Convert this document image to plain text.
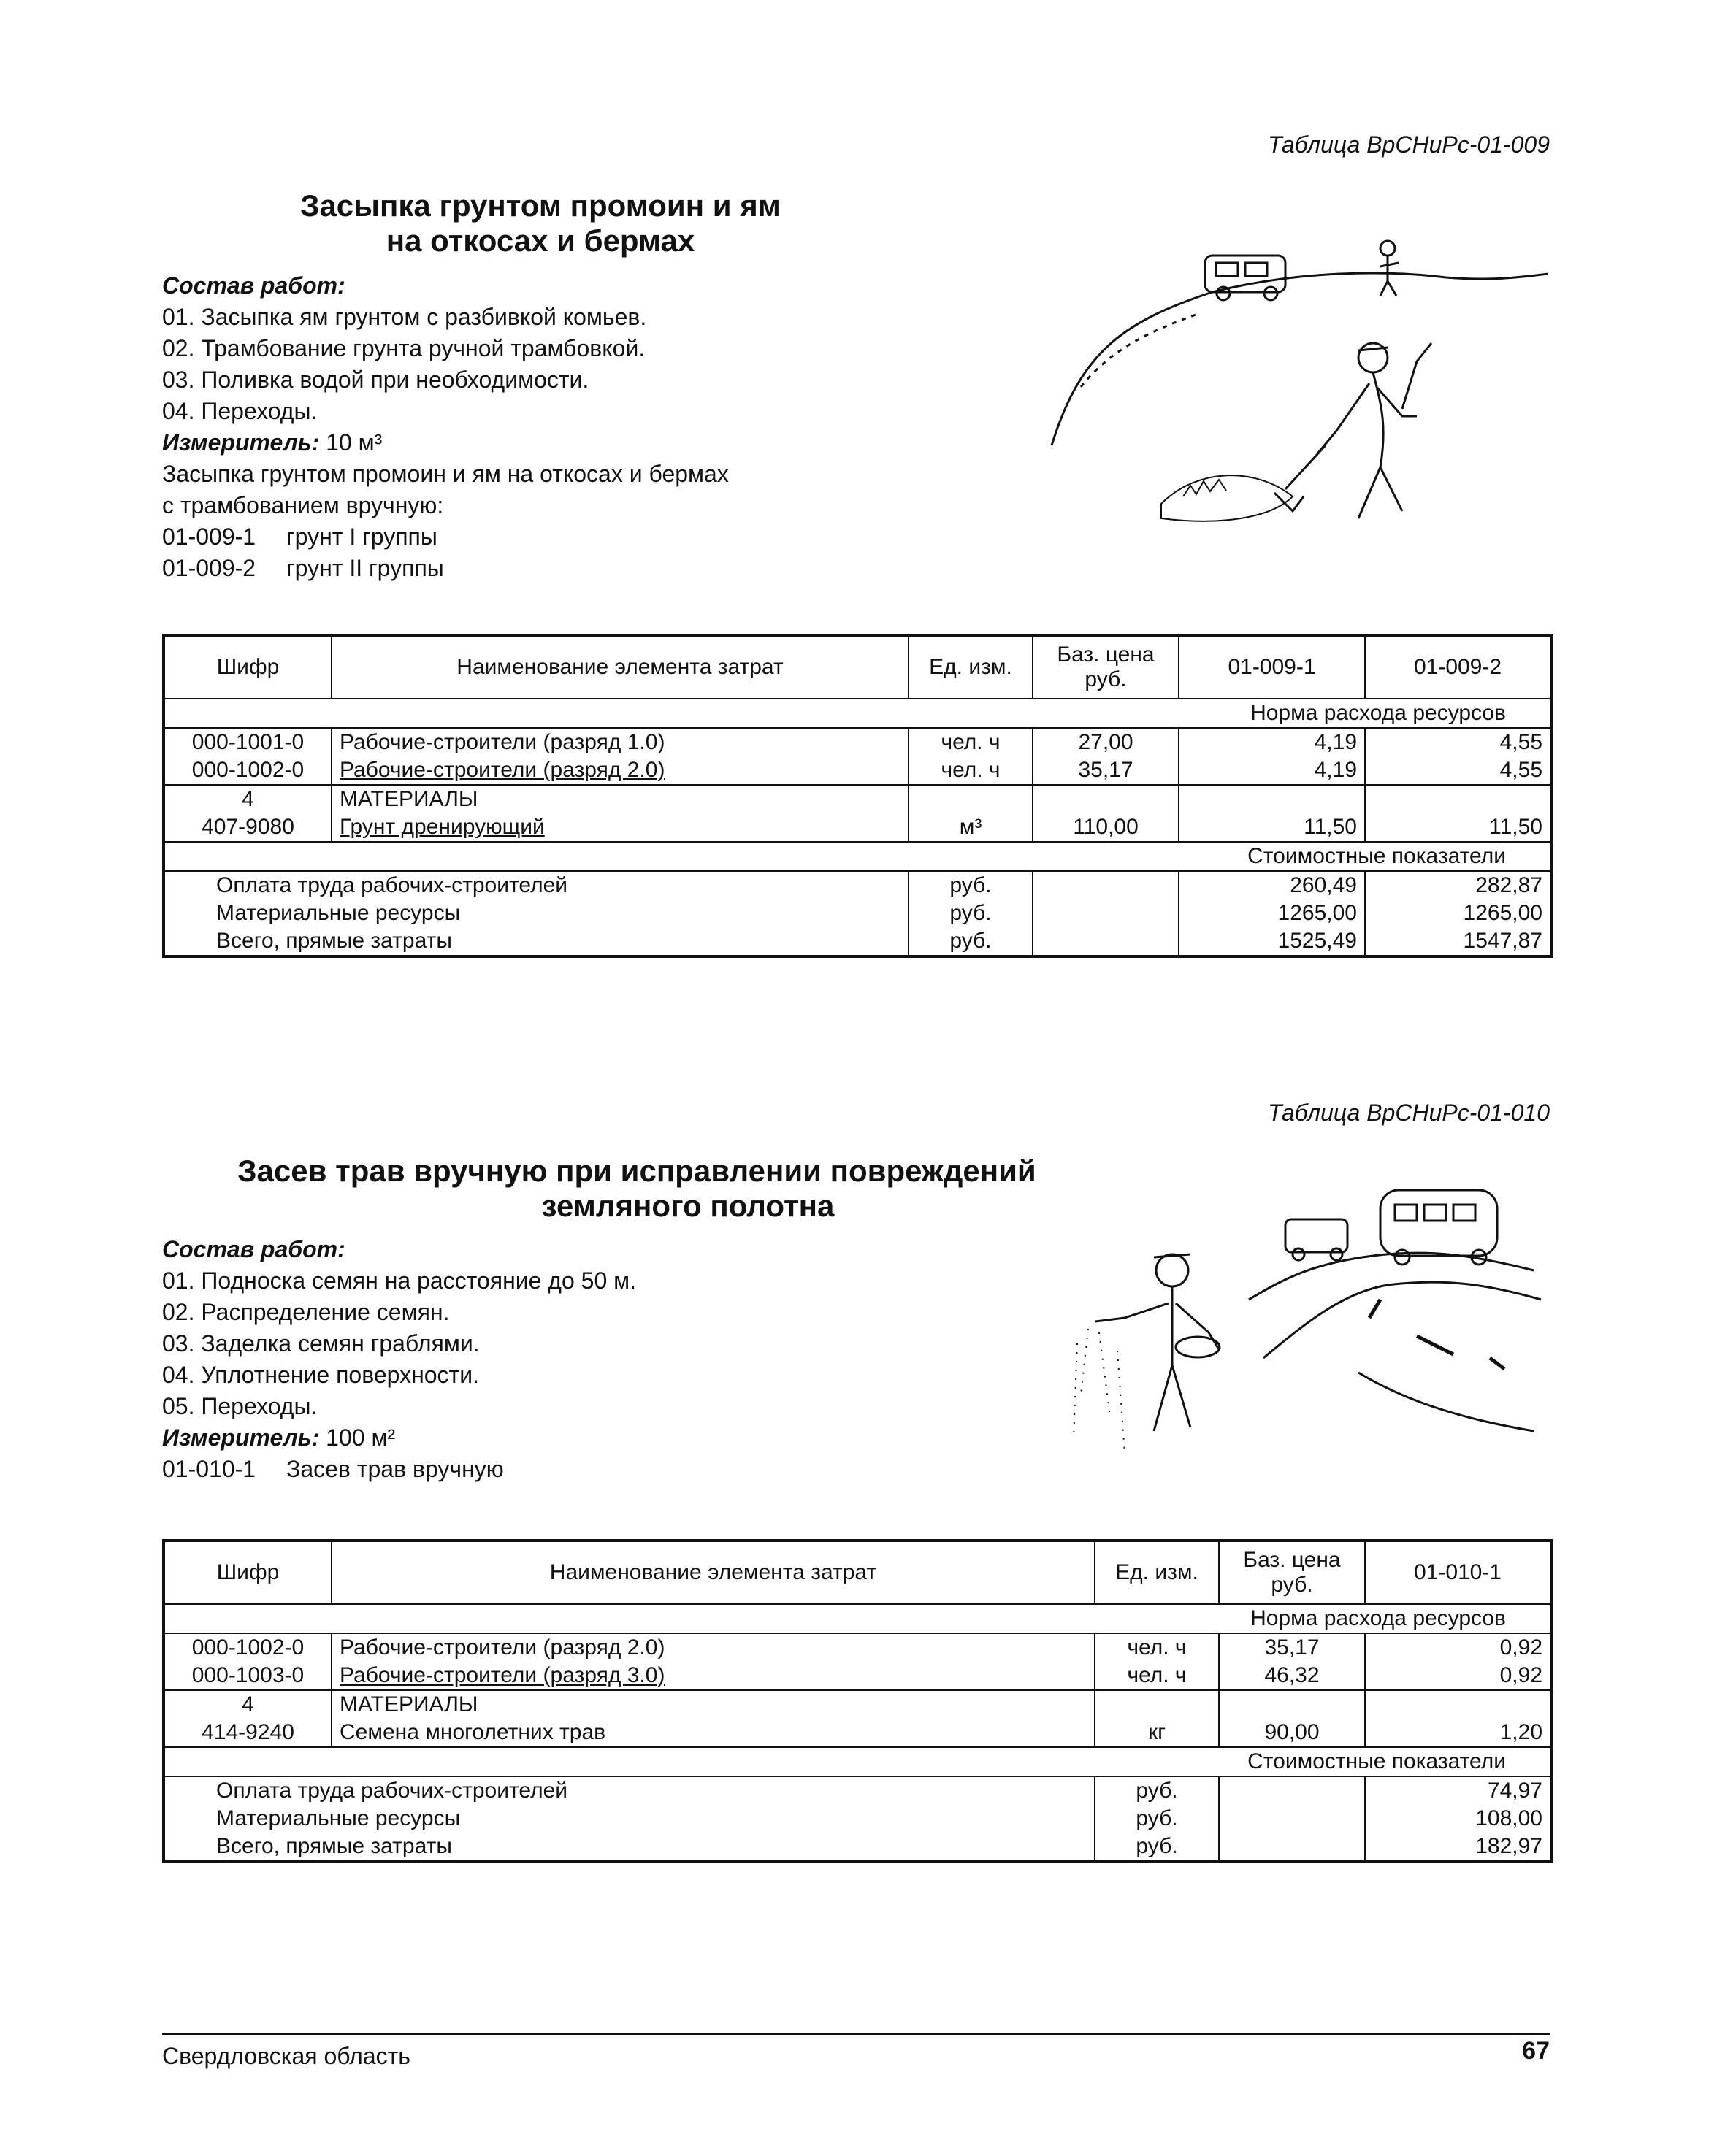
Таблица ВрСНиРс-01-009
Засыпка грунтом промоин и ям
на откосах и бермах
Состав работ:
01. Засыпка ям грунтом с разбивкой комьев.
02. Трамбование грунта ручной трамбовкой.
03. Поливка водой при необходимости.
04. Переходы.
Измеритель: 10 м³
Засыпка грунтом промоин и ям на откосах и бермах
с трамбованием вручную:
01-009-1 грунт I группы
01-009-2 грунт II группы
Шифр	Наименование элемента затрат	Ед. изм.	Баз. цена руб.	01-009-1	01-009-2
Норма расхода ресурсов					
000-1001-0	Рабочие-строители (разряд 1.0)	чел. ч	27,00	4,19	4,55
000-1002-0	Рабочие-строители (разряд 2.0)	чел. ч	35,17	4,19	4,55
4	МАТЕРИАЛЫ				
407-9080	Грунт дренирующий	м³	110,00	11,50	11,50
Стоимостные показатели					
Оплата труда рабочих-строителей		руб.		260,49	282,87
Материальные ресурсы		руб.		1265,00	1265,00
Всего, прямые затраты		руб.		1525,49	1547,87
Таблица ВрСНиРс-01-010
Засев трав вручную при исправлении повреждений
земляного полотна
Состав работ:
01. Подноска семян на расстояние до 50 м.
02. Распределение семян.
03. Заделка семян граблями.
04. Уплотнение поверхности.
05. Переходы.
Измеритель: 100 м²
01-010-1 Засев трав вручную
Шифр	Наименование элемента затрат	Ед. изм.	Баз. цена руб.	01-010-1
Норма расхода ресурсов				
000-1002-0	Рабочие-строители (разряд 2.0)	чел. ч	35,17	0,92
000-1003-0	Рабочие-строители (разряд 3.0)	чел. ч	46,32	0,92
4	МАТЕРИАЛЫ			
414-9240	Семена многолетних трав	кг	90,00	1,20
Стоимостные показатели				
Оплата труда рабочих-строителей		руб.		74,97
Материальные ресурсы		руб.		108,00
Всего, прямые затраты		руб.		182,97
Свердловская область	67
